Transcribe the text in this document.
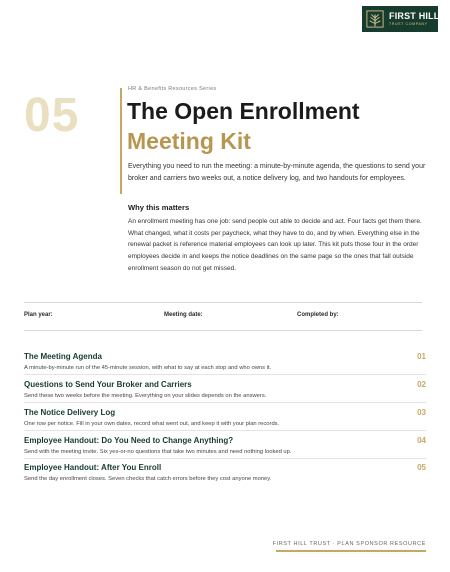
FIRST HILL
TRUST COMPANY
05	HR & Benefits Resources Series
The Open Enrollment
Meeting Kit
Everything you need to run the meeting: a minute-by-minute agenda, the questions to send your broker and carriers two weeks out, a notice delivery log, and two handouts for employees.
Why this matters
An enrollment meeting has one job: send people out able to decide and act. Four facts get them there. What changed, what it costs per paycheck, what they have to do, and by when. Everything else in the renewal packet is reference material employees can look up later. This kit puts those four in the order employees decide in and keeps the notice deadlines on the same page so the ones that fall outside enrollment season do not get missed.
Plan year:	Meeting date:	Completed by:
The Meeting Agenda
A minute-by-minute run of the 45-minute session, with what to say at each stop and who owns it.
01
Questions to Send Your Broker and Carriers
Send these two weeks before the meeting. Everything on your slides depends on the answers.
02
The Notice Delivery Log
One row per notice. Fill in your own dates, record what went out, and keep it with your plan records.
03
Employee Handout: Do You Need to Change Anything?
Send with the meeting invite. Six yes-or-no questions that take two minutes and need nothing looked up.
04
Employee Handout: After You Enroll
Send the day enrollment closes. Seven checks that catch errors before they cost anyone money.
05
FIRST HILL TRUST · PLAN SPONSOR RESOURCE
